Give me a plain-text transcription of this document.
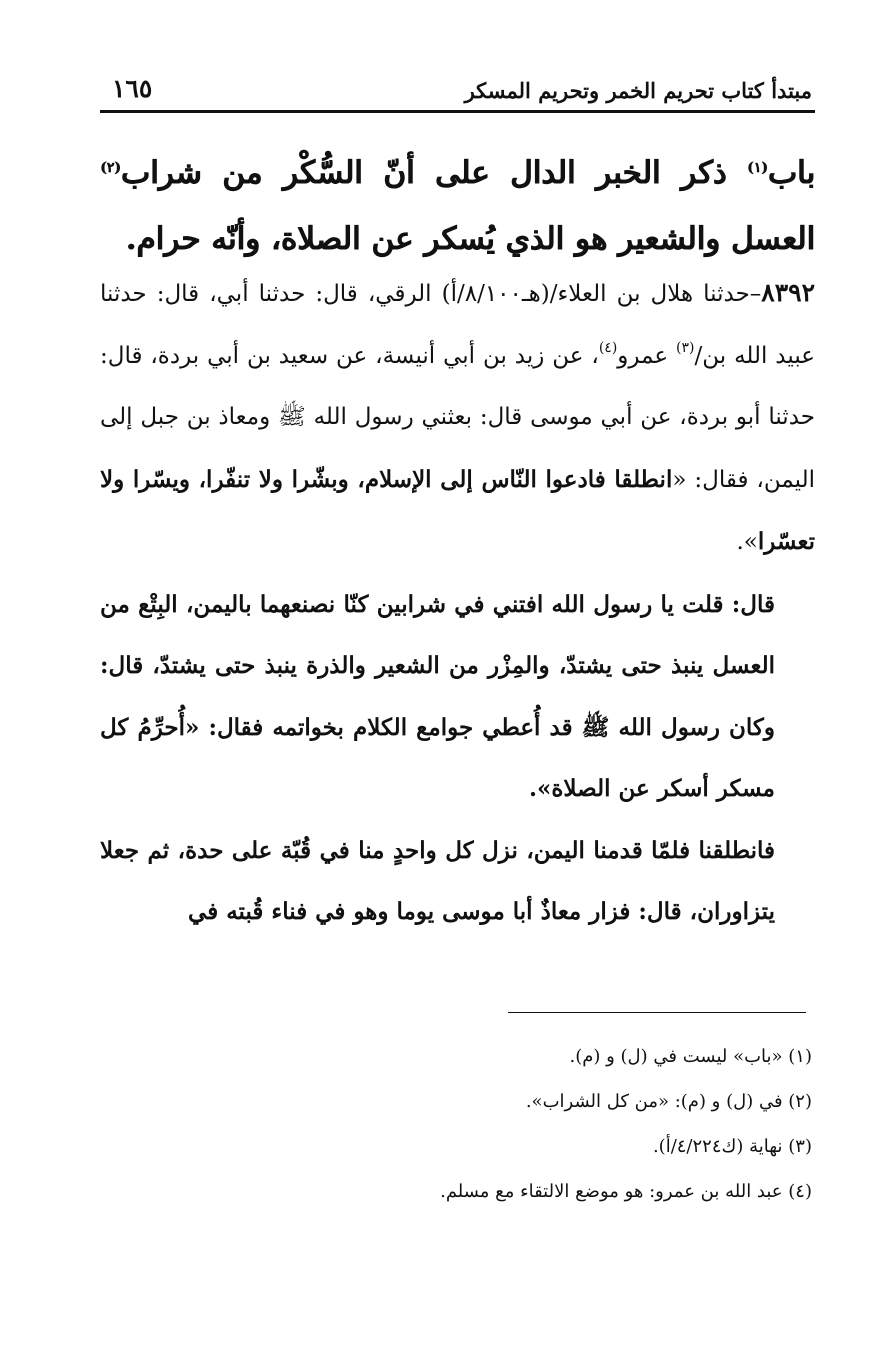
مبتدأ كتاب تحريم الخمر وتحريم المسكر
١٦٥
باب$^{(١)}$ ذكر الخبر الدال على أنّ السُّكْر من شراب$^{(٢)}$ العسل والشعير هو الذي يُسكر عن الصلاة، وأنّه حرام.

٨٣٩٢–حدثنا هلال بن العلاء/(هـ٨/١٠٠/أ) الرقي، قال: حدثنا أبي، قال: حدثنا عبيد الله بن/$^{(٣)}$ عمرو$^{(٤)}$، عن زيد بن أبي أنيسة، عن سعيد بن أبي بردة، قال: حدثنا أبو بردة، عن أبي موسى قال: بعثني رسول الله ﷺ ومعاذ بن جبل إلى اليمن، فقال: «انطلقا فادعوا النّاس إلى الإسلام، وبشّرا ولا تنفّرا، ويسّرا ولا تعسّرا».

قال: قلت يا رسول الله افتني في شرابين كنّا نصنعهما باليمن، البِتْع من العسل ينبذ حتى يشتدّ، والمِزْر من الشعير والذرة ينبذ حتى يشتدّ، قال: وكان رسول الله ﷺ قد أُعطي جوامع الكلام بخواتمه فقال: «أُحرِّمُ كل مسكر أسكر عن الصلاة».

فانطلقنا فلمّا قدمنا اليمن، نزل كل واحدٍ منا في قُبّة على حدة، ثم جعلا يتزاوران، قال: فزار معاذٌ أبا موسى يوما وهو في فناء قُبته في

(١) «باب» ليست في (ل) و (م).

(٢) في (ل) و (م): «من كل الشراب».

(٣) نهاية (ك٤/٢٢٤/أ).

(٤) عبد الله بن عمرو: هو موضع الالتقاء مع مسلم.
